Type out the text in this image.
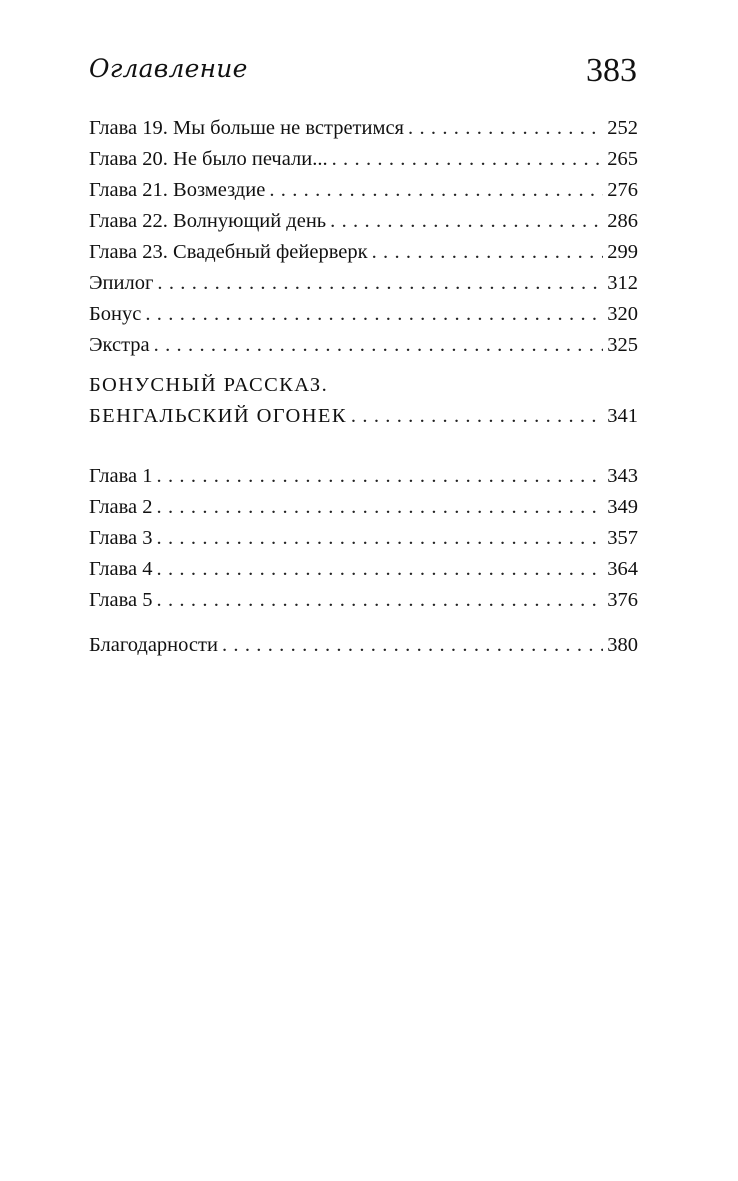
Оглавление	383
Глава 19. Мы больше не встретимся . . .	252
Глава 20. Не было печали... . . .	265
Глава 21. Возмездие . . .	276
Глава 22. Волнующий день . . .	286
Глава 23. Свадебный фейерверк . . .	299
Эпилог . . .	312
Бонус . . .	320
Экстра . . .	325
БОНУСНЫЙ РАССКАЗ.
БЕНГАЛЬСКИЙ ОГОНЕК . . .	341
Глава 1 . . .	343
Глава 2 . . .	349
Глава 3 . . .	357
Глава 4 . . .	364
Глава 5 . . .	376
Благодарности . . .	380
